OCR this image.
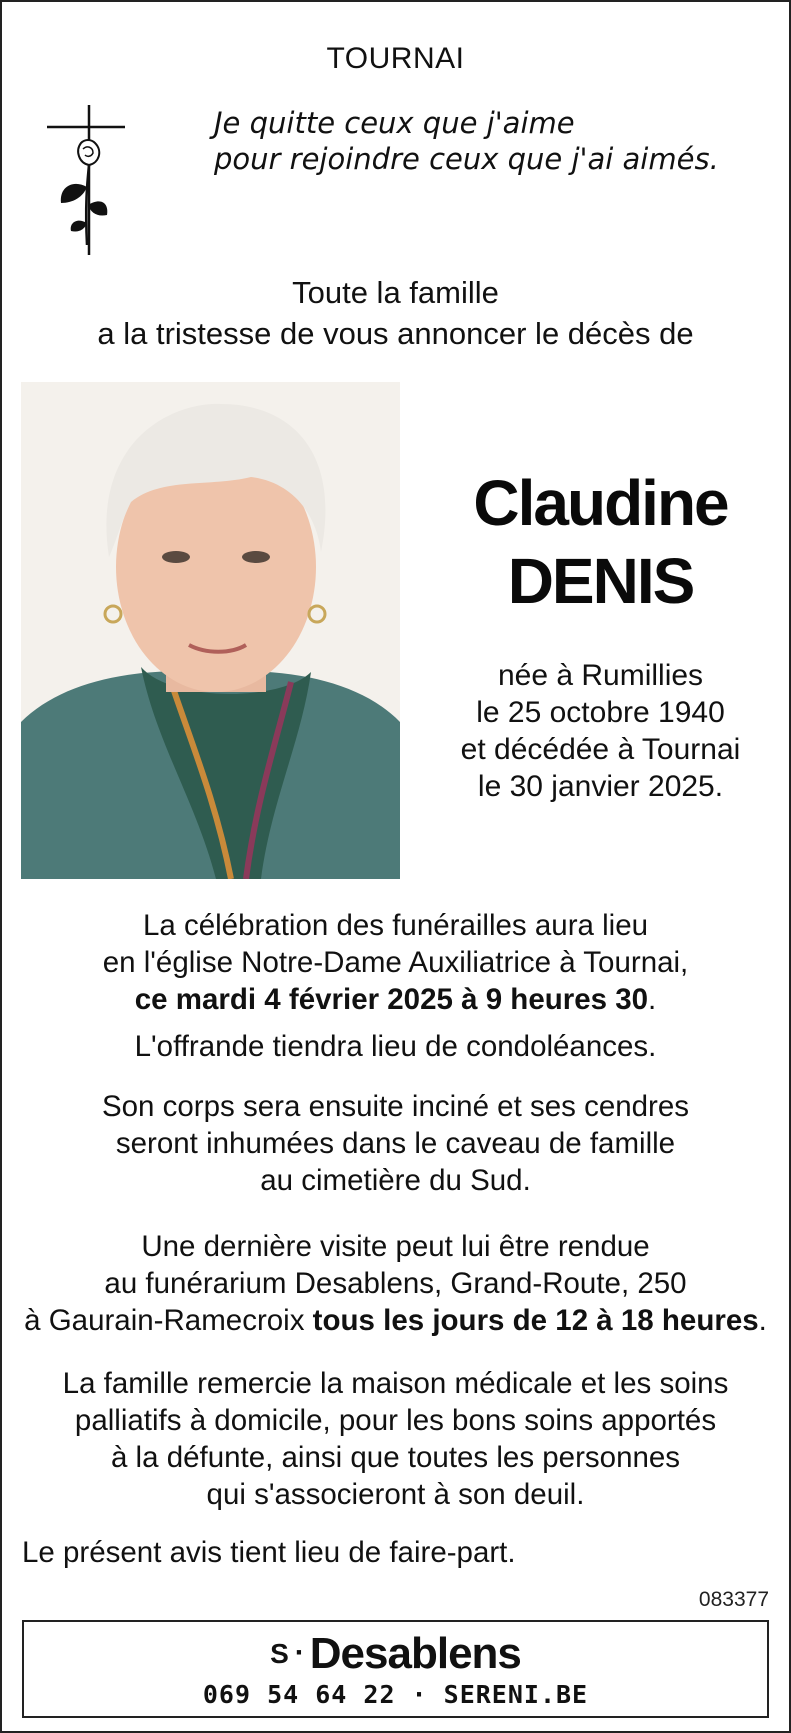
TOURNAI
Je quitte ceux que j'aime
pour rejoindre ceux que j'ai aimés.
Toute la famille
a la tristesse de vous annoncer le décès de
Claudine
DENIS
née à Rumillies
le 25 octobre 1940
et décédée à Tournai
le 30 janvier 2025.
La célébration des funérailles aura lieu
en l'église Notre-Dame Auxiliatrice à Tournai,
ce mardi 4 février 2025 à 9 heures 30.
L'offrande tiendra lieu de condoléances.
Son corps sera ensuite inciné et ses cendres
seront inhumées dans le caveau de famille
au cimetière du Sud.
Une dernière visite peut lui être rendue
au funérarium Desablens, Grand-Route, 250
à Gaurain-Ramecroix tous les jours de 12 à 18 heures.
La famille remercie la maison médicale et les soins
palliatifs à domicile, pour les bons soins apportés
à la défunte, ainsi que toutes les personnes
qui s'associeront à son deuil.
Le présent avis tient lieu de faire-part.
083377
S · Desablens
069 54 64 22 · SERENI.BE
